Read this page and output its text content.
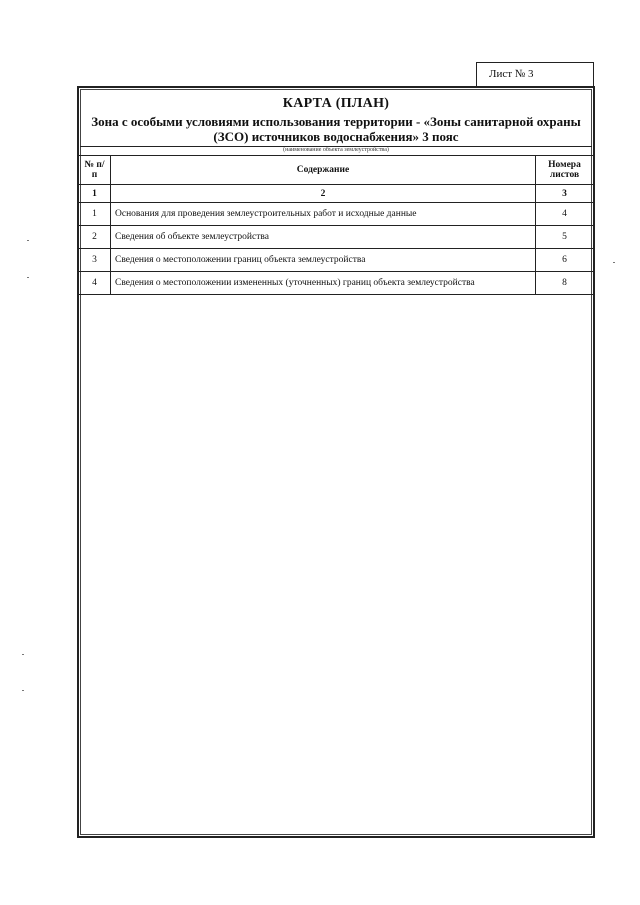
Лист № 3
КАРТА (ПЛАН)
Зона с особыми условиями использования территории - «Зоны санитарной охраны (ЗСО) источников водоснабжения» 3 пояс
(наименование объекта землеустройства)
№ п/п	Содержание	Номера листов
1	2	3
1	Основания для проведения землеустроительных работ и исходные данные	4
2	Сведения об объекте землеустройства	5
3	Сведения о местоположении границ объекта землеустройства	6
4	Сведения о местоположении измененных (уточненных) границ объекта землеустройства	8
